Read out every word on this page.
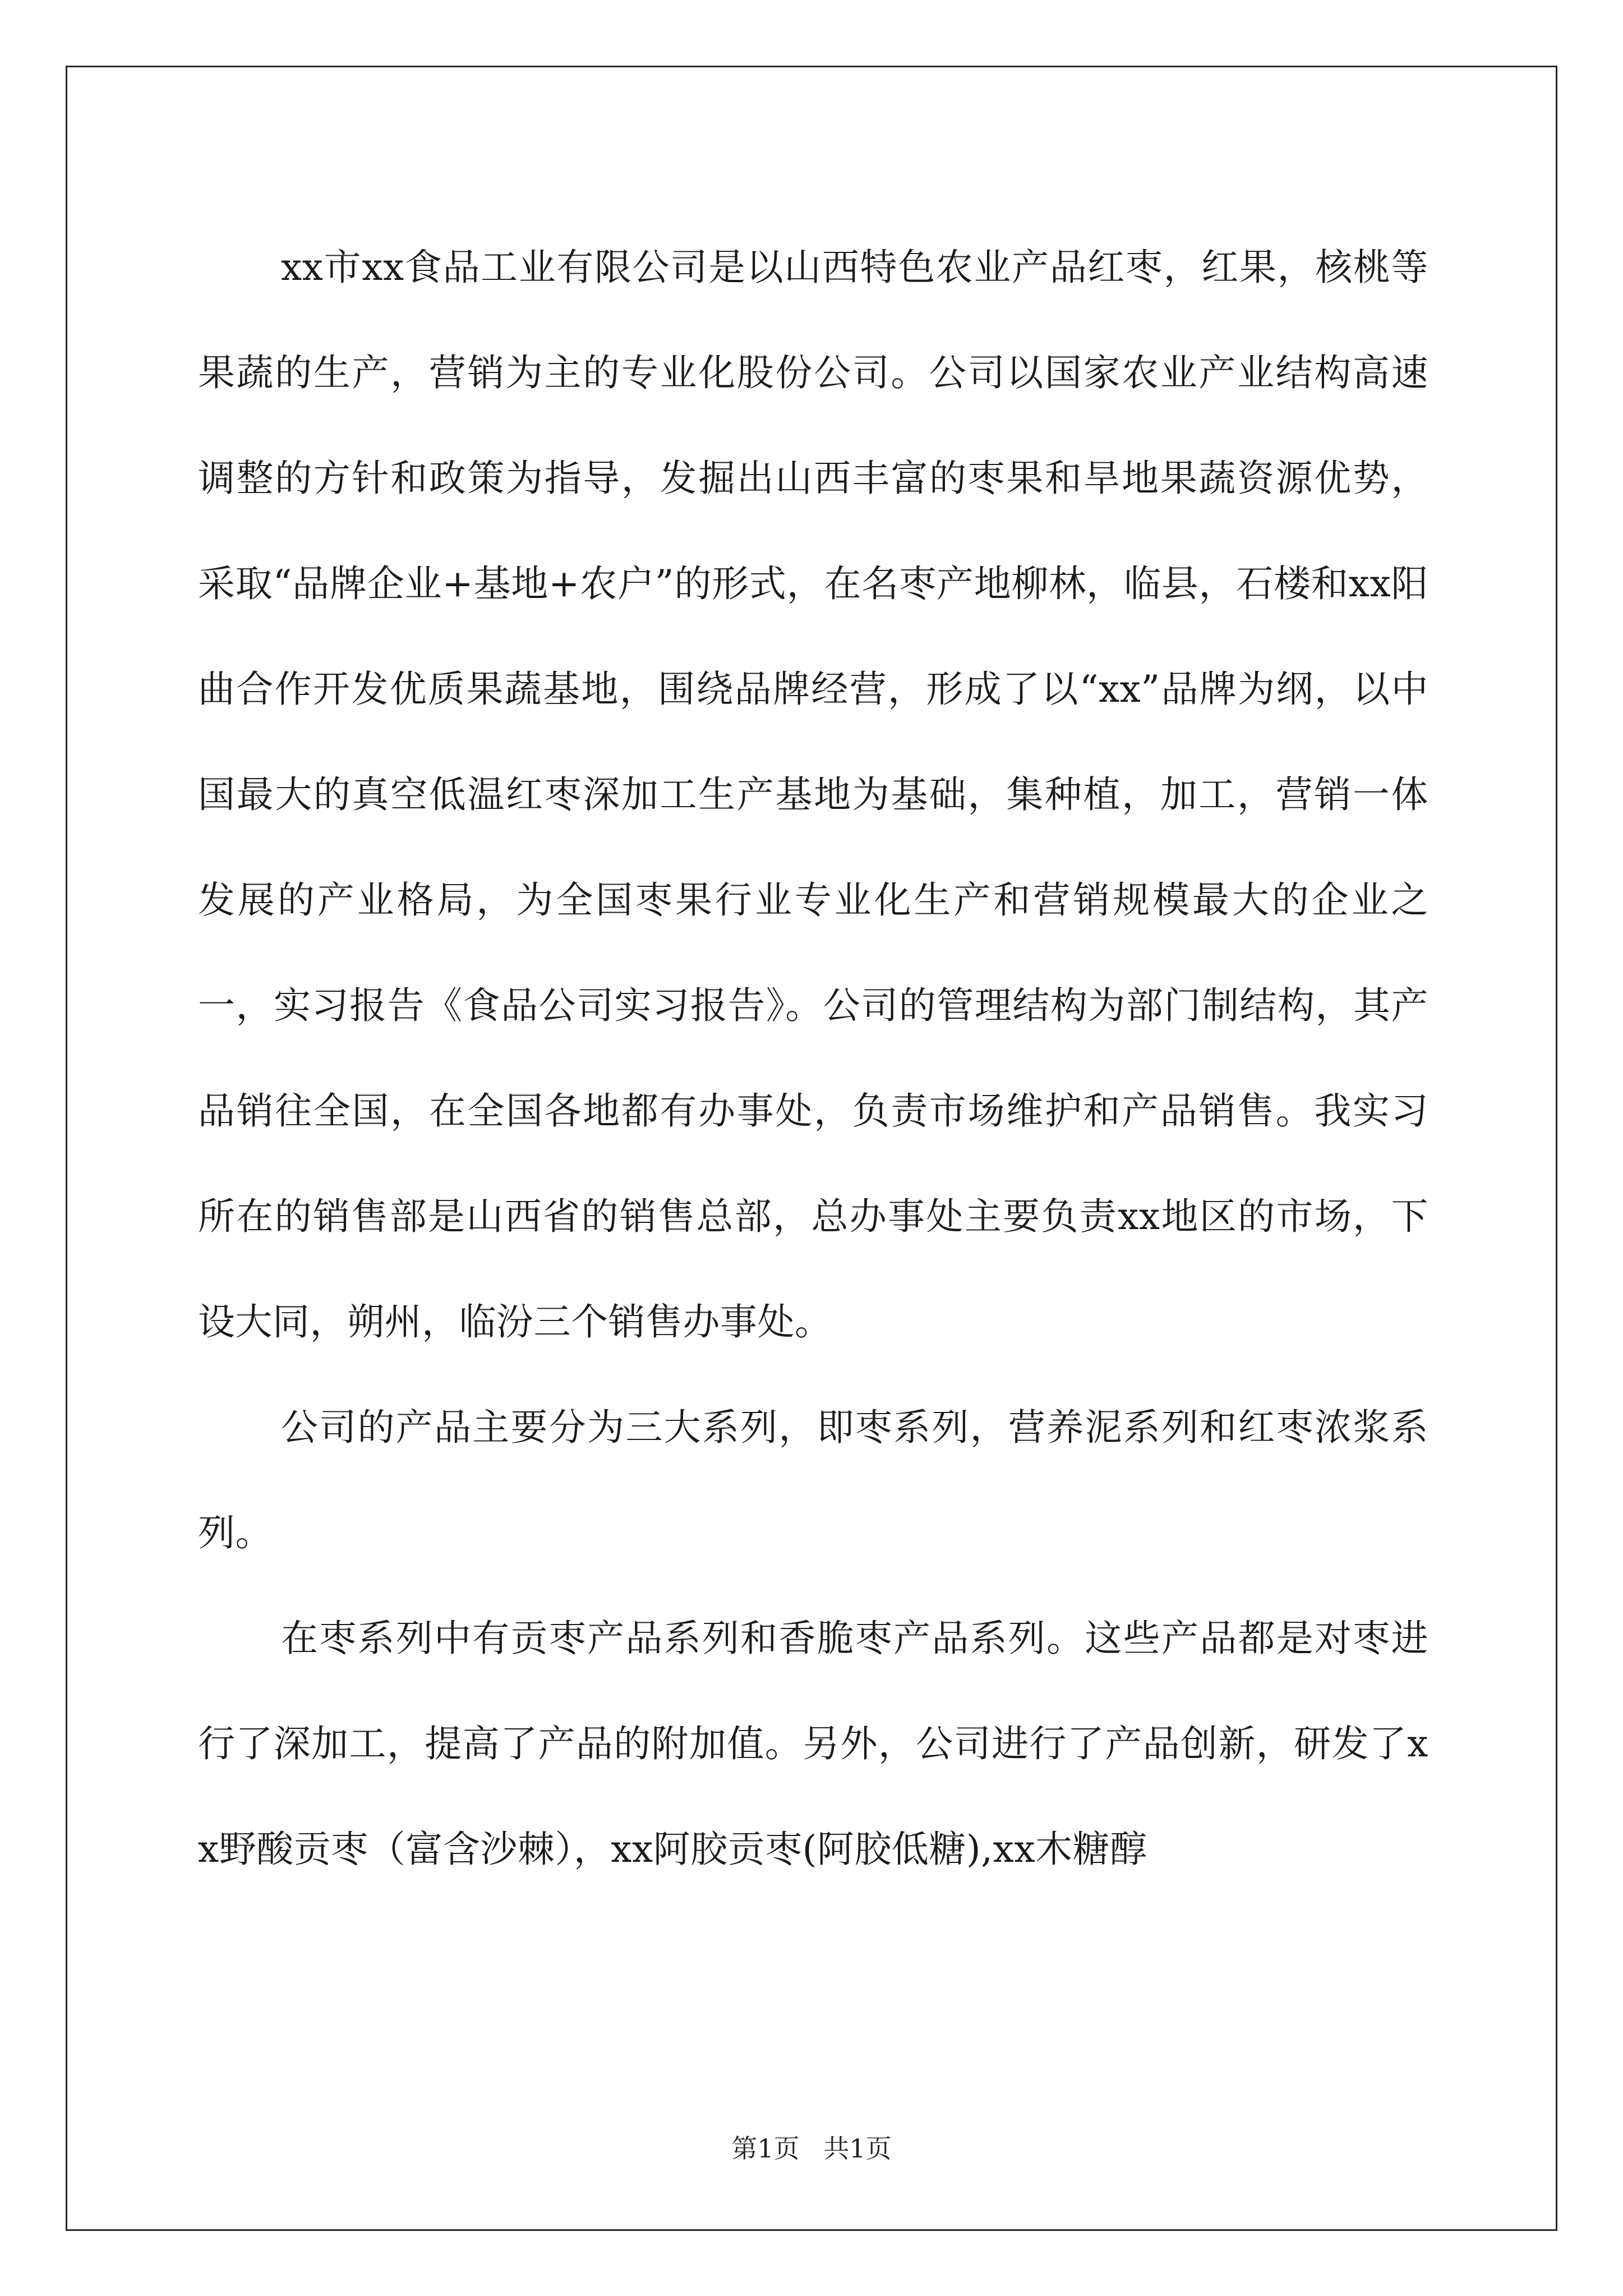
xx市xx食品工业有限公司是以山西特色农业产品红枣，红果，核桃等果蔬的生产，营销为主的专业化股份公司。公司以国家农业产业结构高速调整的方针和政策为指导，发掘出山西丰富的枣果和旱地果蔬资源优势，采取“品牌企业+基地+农户”的形式，在名枣产地柳林，临县，石楼和xx阳曲合作开发优质果蔬基地，围绕品牌经营，形成了以“xx”品牌为纲，以中国最大的真空低温红枣深加工生产基地为基础，集种植，加工，营销一体发展的产业格局，为全国枣果行业专业化生产和营销规模最大的企业之一，实习报告《食品公司实习报告》。公司的管理结构为部门制结构，其产品销往全国，在全国各地都有办事处，负责市场维护和产品销售。我实习所在的销售部是山西省的销售总部，总办事处主要负责xx地区的市场，下设大同，朔州，临汾三个销售办事处。

公司的产品主要分为三大系列，即枣系列，营养泥系列和红枣浓浆系列。

在枣系列中有贡枣产品系列和香脆枣产品系列。这些产品都是对枣进行了深加工，提高了产品的附加值。另外，公司进行了产品创新，研发了xx野酸贡枣（富含沙棘），xx阿胶贡枣(阿胶低糖),xx木糖醇

第1页 共1页
